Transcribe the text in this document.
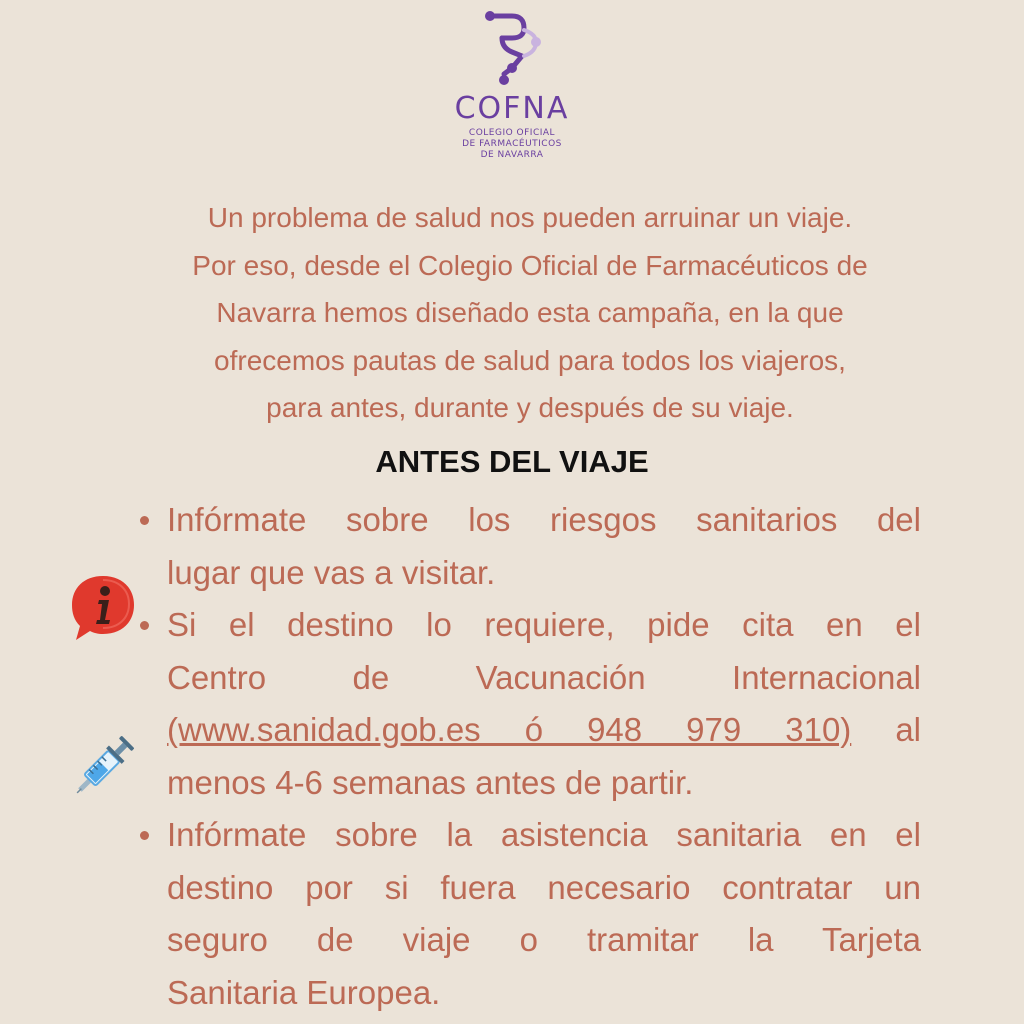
COFNA
COLEGIO OFICIAL
DE FARMACÉUTICOS
DE NAVARRA

Un problema de salud nos pueden arruinar un viaje.
Por eso, desde el Colegio Oficial de Farmacéuticos de
Navarra hemos diseñado esta campaña, en la que
ofrecemos pautas de salud para todos los viajeros,
para antes, durante y después de su viaje.

ANTES DEL VIAJE
Infórmate sobre los riesgos sanitarios del
lugar que vas a visitar.
Si el destino lo requiere, pide cita en el
Centro de Vacunación Internacional
(www.sanidad.gob.es ó 948 979 310) al
menos 4-6 semanas antes de partir.
Infórmate sobre la asistencia sanitaria en el
destino por si fuera necesario contratar un
seguro de viaje o tramitar la Tarjeta
Sanitaria Europea.
